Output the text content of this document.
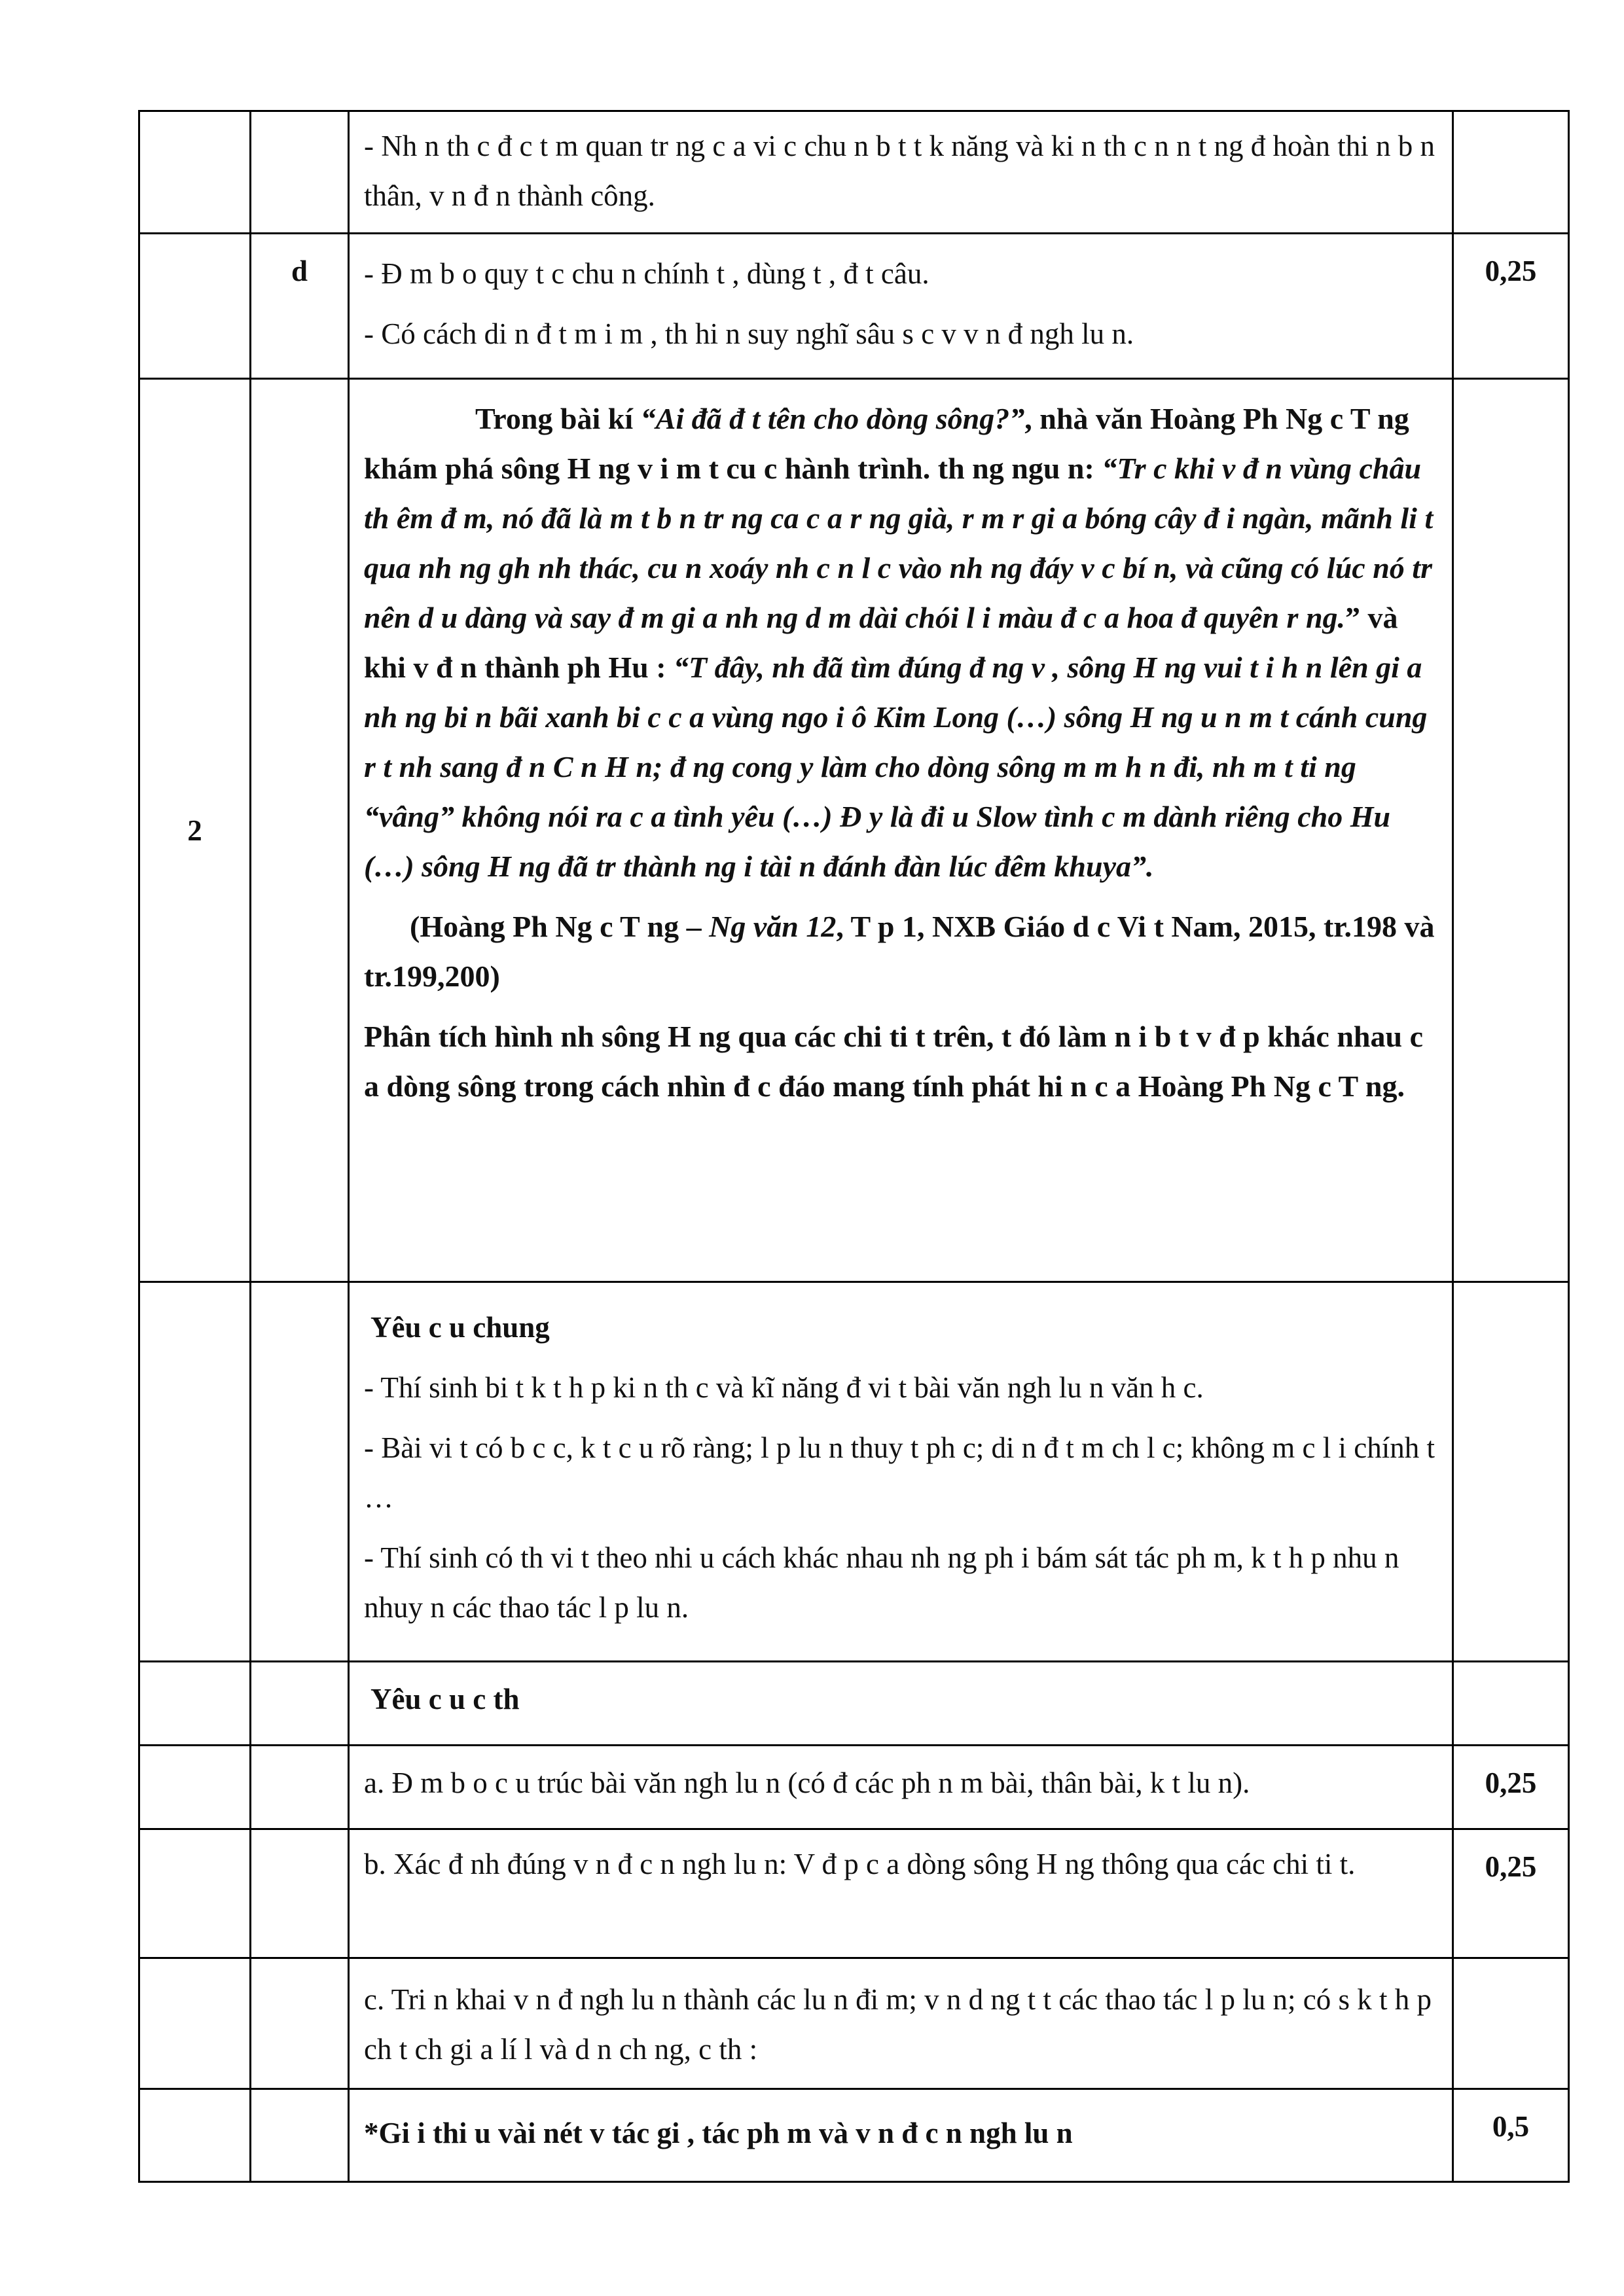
		- Nh n th c đ c t m quan tr ng c a vi c chu n b t t k năng và ki n th c n n t ng đ hoàn thi n b n thân, v n đ n thành công.	

	d	- Đ m b o quy t c chu n chính t , dùng t , đ t câu.

- Có cách di n đ t m i m , th hi n suy nghĩ sâu s c v v n đ ngh lu n.	0,25
2		Trong bài kí “Ai đã đ t tên cho dòng sông?”, nhà văn Hoàng Ph Ng c T ng khám phá sông H ng v i m t cu c hành trình. th ng ngu n: “Tr c khi v đ n vùng châu th êm đ m, nó đã là m t b n tr ng ca c a r ng già, r m r gi a bóng cây đ i ngàn, mãnh li t qua nh ng gh nh thác, cu n xoáy nh c n l c vào nh ng đáy v c bí n, và cũng có lúc nó tr nên d u dàng và say đ m gi a nh ng d m dài chói l i màu đ c a hoa đ quyên r ng.” và khi v đ n thành ph Hu : “T đây, nh đã tìm đúng đ ng v , sông H ng vui t i h n lên gi a nh ng bi n bãi xanh bi c c a vùng ngo i ô Kim Long (…) sông H ng u n m t cánh cung r t nh sang đ n C n H n; đ ng cong y làm cho dòng sông m m h n đi, nh m t ti ng “vâng” không nói ra c a tình yêu (…) Đ y là đi u Slow tình c m dành riêng cho Hu (…) sông H ng đã tr thành ng i tài n đánh đàn lúc đêm khuya”.

(Hoàng Ph Ng c T ng – Ng văn 12, T p 1, NXB Giáo d c Vi t Nam, 2015, tr.198 và tr.199,200)

Phân tích hình nh sông H ng qua các chi ti t trên, t đó làm n i b t v đ p khác nhau c a dòng sông trong cách nhìn đ c đáo mang tính phát hi n c a Hoàng Ph Ng c T ng.	

		Yêu c u chung

- Thí sinh bi t k t h p ki n th c và kĩ năng đ vi t bài văn ngh lu n văn h c.

- Bài vi t có b c c, k t c u rõ ràng; l p lu n thuy t ph c; di n đ t m ch l c; không m c l i chính t …

- Thí sinh có th vi t theo nhi u cách khác nhau nh ng ph i bám sát tác ph m, k t h p nhu n nhuy n các thao tác l p lu n.	

		Yêu c u c th	

		a. Đ m b o c u trúc bài văn ngh lu n (có đ các ph n m bài, thân bài, k t lu n).	0,25

		b. Xác đ nh đúng v n đ c n ngh lu n: V đ p c a dòng sông H ng thông qua các chi ti t.	0,25

		c. Tri n khai v n đ ngh lu n thành các lu n đi m; v n d ng t t các thao tác l p lu n; có s k t h p ch t ch gi a lí l và d n ch ng, c th :	

		*Gi i thi u vài nét v tác gi , tác ph m và v n đ c n ngh lu n	0,5
